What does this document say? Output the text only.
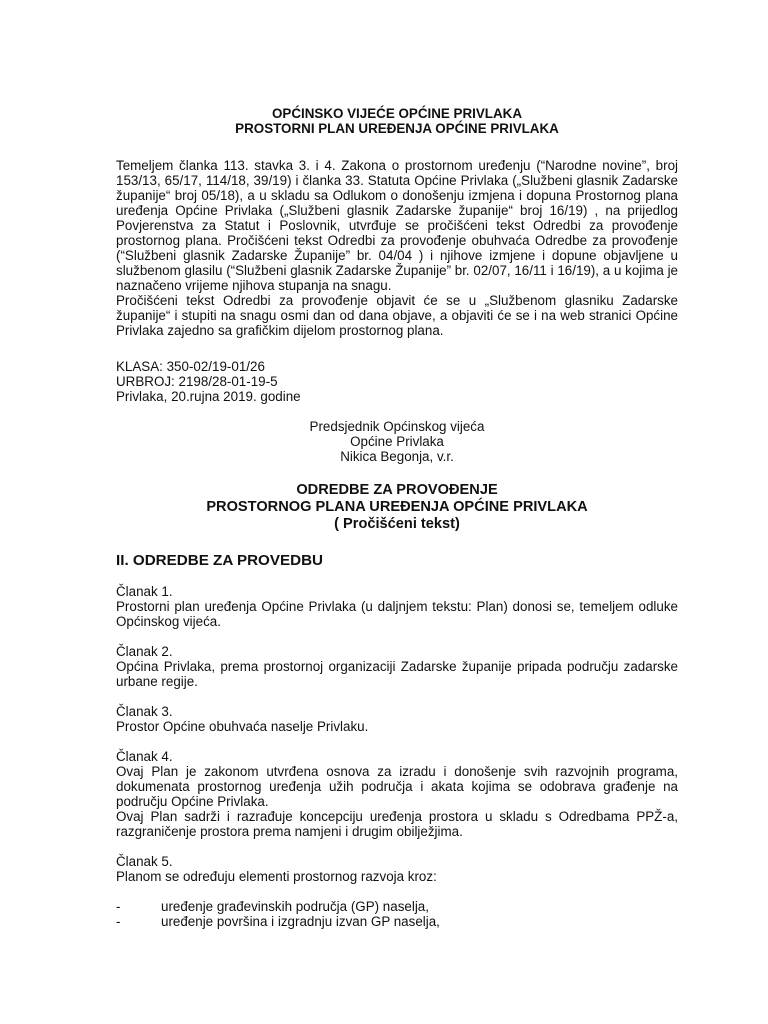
OPĆINSKO VIJEĆE OPĆINE PRIVLAKA

PROSTORNI PLAN UREĐENJA OPĆINE PRIVLAKA

Temeljem članka 113. stavka 3. i 4. Zakona o prostornom uređenju (“Narodne novine”, broj 153/13, 65/17, 114/18, 39/19) i članka 33. Statuta Općine Privlaka („Službeni glasnik Zadarske županije“ broj 05/18), a u skladu sa Odlukom o donošenju izmjena i dopuna Prostornog plana uređenja Općine Privlaka („Službeni glasnik Zadarske županije“ broj 16/19) , na prijedlog Povjerenstva za Statut i Poslovnik, utvrđuje se pročišćeni tekst Odredbi za provođenje prostornog plana. Pročišćeni tekst Odredbi za provođenje obuhvaća Odredbe za provođenje (“Službeni glasnik Zadarske Županije” br. 04/04 ) i njihove izmjene i dopune objavljene u službenom glasilu (“Službeni glasnik Zadarske Županije” br. 02/07, 16/11 i 16/19), a u kojima je naznačeno vrijeme njihova stupanja na snagu.

Pročišćeni tekst Odredbi za provođenje objavit će se u „Službenom glasniku Zadarske županije“ i stupiti na snagu osmi dan od dana objave, a objaviti će se i na web stranici Općine Privlaka zajedno sa grafičkim dijelom prostornog plana.

KLASA: 350-02/19-01/26

URBROJ: 2198/28-01-19-5

Privlaka, 20.rujna 2019. godine

Predsjednik Općinskog vijeća

Općine Privlaka

Nikica Begonja, v.r.

ODREDBE ZA PROVOĐENJE

PROSTORNOG PLANA UREĐENJA OPĆINE PRIVLAKA

( Pročišćeni tekst)

II. ODREDBE ZA PROVEDBU

Članak 1.

Prostorni plan uređenja Općine Privlaka (u daljnjem tekstu: Plan) donosi se, temeljem odluke Općinskog vijeća.

Članak 2.

Općina Privlaka, prema prostornoj organizaciji Zadarske županije pripada području zadarske urbane regije.

Članak 3.

Prostor Općine obuhvaća naselje Privlaku.

Članak 4.

Ovaj Plan je zakonom utvrđena osnova za izradu i donošenje svih razvojnih programa, dokumenata prostornog uređenja užih područja i akata kojima se odobrava građenje na području Općine Privlaka.

Ovaj Plan sadrži i razrađuje koncepciju uređenja prostora u skladu s Odredbama PPŽ-a, razgraničenje prostora prema namjeni i drugim obilježjima.

Članak 5.

Planom se određuju elementi prostornog razvoja kroz:

-	uređenje građevinskih područja (GP) naselja,
-	uređenje površina i izgradnju izvan GP naselja,
